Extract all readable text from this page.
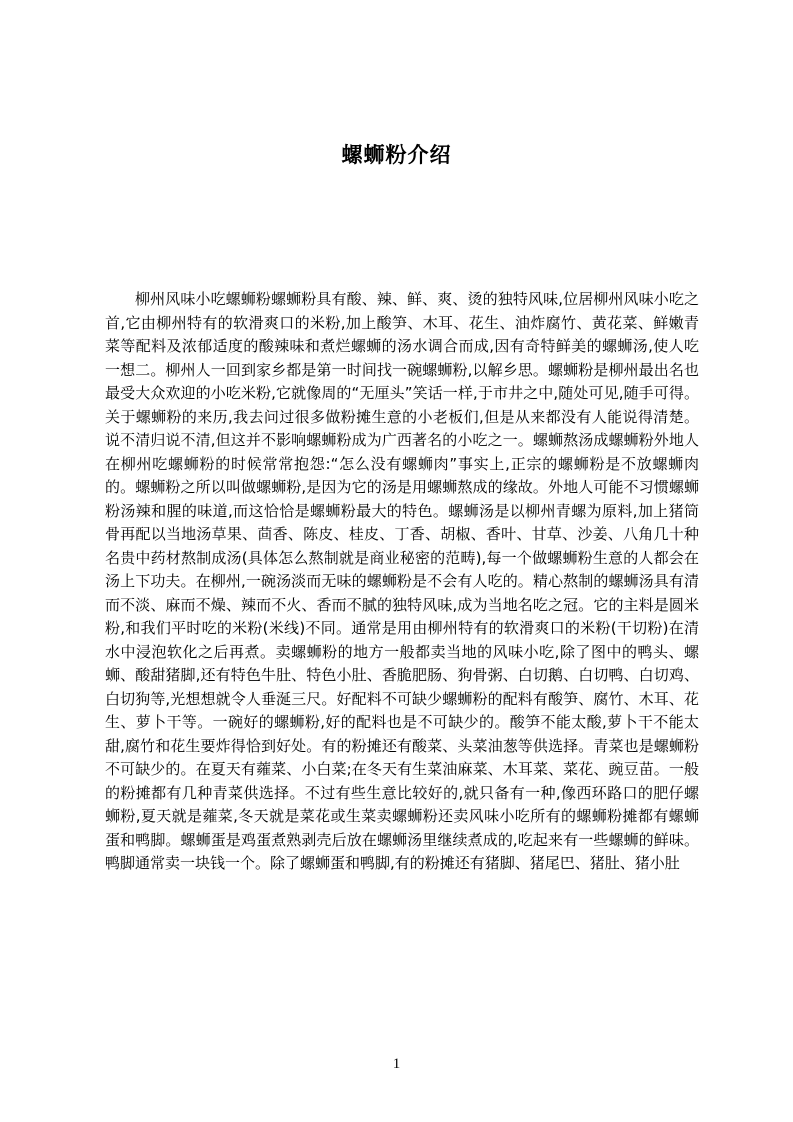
螺蛳粉介绍

柳州风味小吃螺蛳粉螺蛳粉具有酸、辣、鲜、爽、烫的独特风味,位居柳州风味小吃之首,它由柳州特有的软滑爽口的米粉,加上酸笋、木耳、花生、油炸腐竹、黄花菜、鲜嫩青菜等配料及浓郁适度的酸辣味和煮烂螺蛳的汤水调合而成,因有奇特鲜美的螺蛳汤,使人吃一想二。柳州人一回到家乡都是第一时间找一碗螺蛳粉,以解乡思。螺蛳粉是柳州最出名也最受大众欢迎的小吃米粉,它就像周的“无厘头”笑话一样,于市井之中,随处可见,随手可得。关于螺蛳粉的来历,我去问过很多做粉摊生意的小老板们,但是从来都没有人能说得清楚。说不清归说不清,但这并不影响螺蛳粉成为广西著名的小吃之一。螺蛳熬汤成螺蛳粉外地人在柳州吃螺蛳粉的时候常常抱怨:“怎么没有螺蛳肉”事实上,正宗的螺蛳粉是不放螺蛳肉的。螺蛳粉之所以叫做螺蛳粉,是因为它的汤是用螺蛳熬成的缘故。外地人可能不习惯螺蛳粉汤辣和腥的味道,而这恰恰是螺蛳粉最大的特色。螺蛳汤是以柳州青螺为原料,加上猪筒骨再配以当地汤草果、茴香、陈皮、桂皮、丁香、胡椒、香叶、甘草、沙姜、八角几十种名贵中药材熬制成汤(具体怎么熬制就是商业秘密的范畴),每一个做螺蛳粉生意的人都会在汤上下功夫。在柳州,一碗汤淡而无味的螺蛳粉是不会有人吃的。精心熬制的螺蛳汤具有清而不淡、麻而不燥、辣而不火、香而不腻的独特风味,成为当地名吃之冠。它的主料是圆米粉,和我们平时吃的米粉(米线)不同。通常是用由柳州特有的软滑爽口的米粉(干切粉)在清水中浸泡软化之后再煮。卖螺蛳粉的地方一般都卖当地的风味小吃,除了图中的鸭头、螺蛳、酸甜猪脚,还有特色牛肚、特色小肚、香脆肥肠、狗骨粥、白切鹅、白切鸭、白切鸡、白切狗等,光想想就令人垂涎三尺。好配料不可缺少螺蛳粉的配料有酸笋、腐竹、木耳、花生、萝卜干等。一碗好的螺蛳粉,好的配料也是不可缺少的。酸笋不能太酸,萝卜干不能太甜,腐竹和花生要炸得恰到好处。有的粉摊还有酸菜、头菜油葱等供选择。青菜也是螺蛳粉不可缺少的。在夏天有蕹菜、小白菜;在冬天有生菜油麻菜、木耳菜、菜花、豌豆苗。一般的粉摊都有几种青菜供选择。不过有些生意比较好的,就只备有一种,像西环路口的肥仔螺蛳粉,夏天就是蕹菜,冬天就是菜花或生菜卖螺蛳粉还卖风味小吃所有的螺蛳粉摊都有螺蛳蛋和鸭脚。螺蛳蛋是鸡蛋煮熟剥壳后放在螺蛳汤里继续煮成的,吃起来有一些螺蛳的鲜味。鸭脚通常卖一块钱一个。除了螺蛳蛋和鸭脚,有的粉摊还有猪脚、猪尾巴、猪肚、猪小肚

1
